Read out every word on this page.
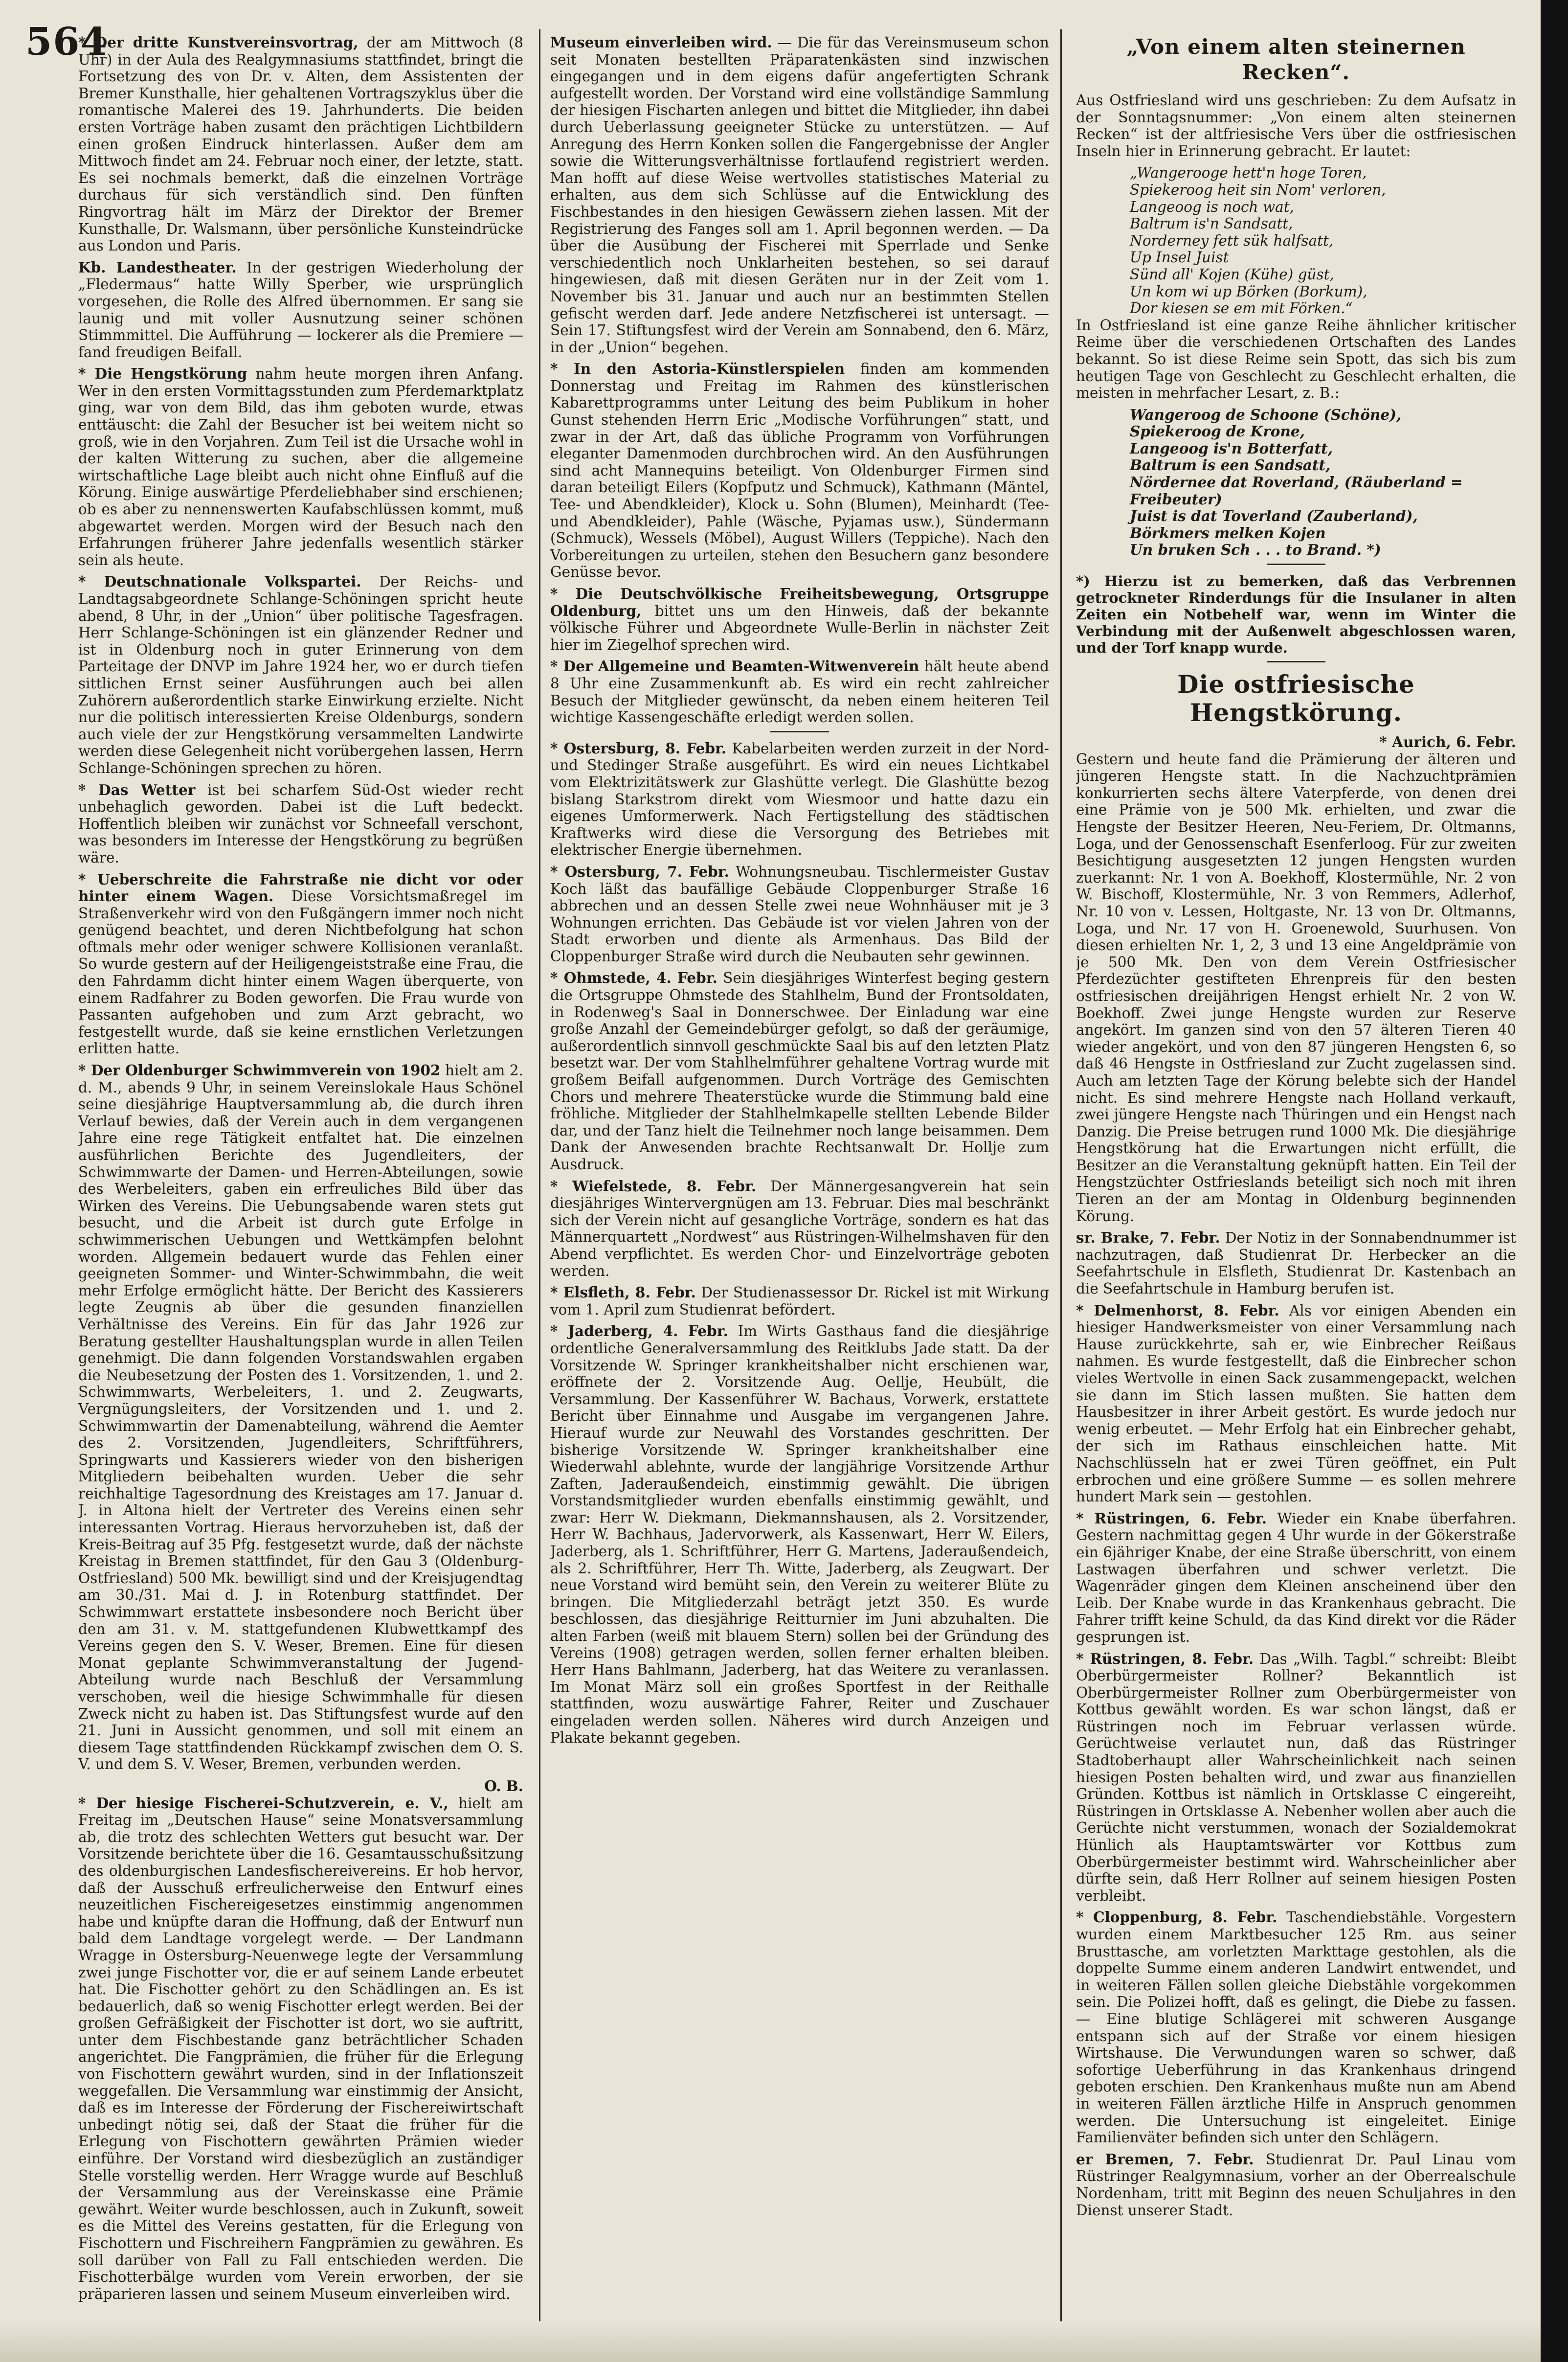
564

* Der dritte Kunstvereinsvortrag, der am Mittwoch (8 Uhr) in der Aula des Realgymnasiums stattfindet, bringt die Fortsetzung des von Dr. v. Alten, dem Assistenten der Bremer Kunsthalle, hier gehaltenen Vortragszyklus über die romantische Malerei des 19. Jahrhunderts. Die beiden ersten Vorträge haben zusamt den prächtigen Lichtbildern einen großen Eindruck hinterlassen. Außer dem am Mittwoch findet am 24. Februar noch einer, der letzte, statt. Es sei nochmals bemerkt, daß die einzelnen Vorträge durchaus für sich verständlich sind. Den fünften Ringvortrag hält im März der Direktor der Bremer Kunsthalle, Dr. Walsmann, über persönliche Kunsteindrücke aus London und Paris.

Kb. Landestheater. In der gestrigen Wiederholung der „Fledermaus“ hatte Willy Sperber, wie ursprünglich vorgesehen, die Rolle des Alfred übernommen. Er sang sie launig und mit voller Ausnutzung seiner schönen Stimmmittel. Die Aufführung — lockerer als die Premiere — fand freudigen Beifall.

* Die Hengstkörung nahm heute morgen ihren Anfang. Wer in den ersten Vormittagsstunden zum Pferdemarktplatz ging, war von dem Bild, das ihm geboten wurde, etwas enttäuscht: die Zahl der Besucher ist bei weitem nicht so groß, wie in den Vorjahren. Zum Teil ist die Ursache wohl in der kalten Witterung zu suchen, aber die allgemeine wirtschaftliche Lage bleibt auch nicht ohne Einfluß auf die Körung. Einige auswärtige Pferdeliebhaber sind erschienen; ob es aber zu nennenswerten Kaufabschlüssen kommt, muß abgewartet werden. Morgen wird der Besuch nach den Erfahrungen früherer Jahre jedenfalls wesentlich stärker sein als heute.

* Deutschnationale Volkspartei. Der Reichs- und Landtagsabgeordnete Schlange-Schöningen spricht heute abend, 8 Uhr, in der „Union“ über politische Tagesfragen. Herr Schlange-Schöningen ist ein glänzender Redner und ist in Oldenburg noch in guter Erinnerung von dem Parteitage der DNVP im Jahre 1924 her, wo er durch tiefen sittlichen Ernst seiner Ausführungen auch bei allen Zuhörern außerordentlich starke Einwirkung erzielte. Nicht nur die politisch interessierten Kreise Oldenburgs, sondern auch viele der zur Hengstkörung versammelten Landwirte werden diese Gelegenheit nicht vorübergehen lassen, Herrn Schlange-Schöningen sprechen zu hören.

* Das Wetter ist bei scharfem Süd-Ost wieder recht unbehaglich geworden. Dabei ist die Luft bedeckt. Hoffentlich bleiben wir zunächst vor Schneefall verschont, was besonders im Interesse der Hengstkörung zu begrüßen wäre.

* Ueberschreite die Fahrstraße nie dicht vor oder hinter einem Wagen. Diese Vorsichtsmaßregel im Straßenverkehr wird von den Fußgängern immer noch nicht genügend beachtet, und deren Nichtbefolgung hat schon oftmals mehr oder weniger schwere Kollisionen veranlaßt. So wurde gestern auf der Heiligengeiststraße eine Frau, die den Fahrdamm dicht hinter einem Wagen überquerte, von einem Radfahrer zu Boden geworfen. Die Frau wurde von Passanten aufgehoben und zum Arzt gebracht, wo festgestellt wurde, daß sie keine ernstlichen Verletzungen erlitten hatte.

* Der Oldenburger Schwimmverein von 1902 hielt am 2. d. M., abends 9 Uhr, in seinem Vereinslokale Haus Schönel seine diesjährige Hauptversammlung ab, die durch ihren Verlauf bewies, daß der Verein auch in dem vergangenen Jahre eine rege Tätigkeit entfaltet hat. Die einzelnen ausführlichen Berichte des Jugendleiters, der Schwimmwarte der Damen- und Herren-Abteilungen, sowie des Werbeleiters, gaben ein erfreuliches Bild über das Wirken des Vereins. Die Uebungsabende waren stets gut besucht, und die Arbeit ist durch gute Erfolge in schwimmerischen Uebungen und Wettkämpfen belohnt worden. Allgemein bedauert wurde das Fehlen einer geeigneten Sommer- und Winter-Schwimmbahn, die weit mehr Erfolge ermöglicht hätte. Der Bericht des Kassierers legte Zeugnis ab über die gesunden finanziellen Verhältnisse des Vereins. Ein für das Jahr 1926 zur Beratung gestellter Haushaltungsplan wurde in allen Teilen genehmigt. Die dann folgenden Vorstandswahlen ergaben die Neubesetzung der Posten des 1. Vorsitzenden, 1. und 2. Schwimmwarts, Werbeleiters, 1. und 2. Zeugwarts, Vergnügungsleiters, der Vorsitzenden und 1. und 2. Schwimmwartin der Damenabteilung, während die Aemter des 2. Vorsitzenden, Jugendleiters, Schriftführers, Springwarts und Kassierers wieder von den bisherigen Mitgliedern beibehalten wurden. Ueber die sehr reichhaltige Tagesordnung des Kreistages am 17. Januar d. J. in Altona hielt der Vertreter des Vereins einen sehr interessanten Vortrag. Hieraus hervorzuheben ist, daß der Kreis-Beitrag auf 35 Pfg. festgesetzt wurde, daß der nächste Kreistag in Bremen stattfindet, für den Gau 3 (Oldenburg-Ostfriesland) 500 Mk. bewilligt sind und der Kreisjugendtag am 30./31. Mai d. J. in Rotenburg stattfindet. Der Schwimmwart erstattete insbesondere noch Bericht über den am 31. v. M. stattgefundenen Klubwettkampf des Vereins gegen den S. V. Weser, Bremen. Eine für diesen Monat geplante Schwimmveranstaltung der Jugend-Abteilung wurde nach Beschluß der Versammlung verschoben, weil die hiesige Schwimmhalle für diesen Zweck nicht zu haben ist. Das Stiftungsfest wurde auf den 21. Juni in Aussicht genommen, und soll mit einem an diesem Tage stattfindenden Rückkampf zwischen dem O. S. V. und dem S. V. Weser, Bremen, verbunden werden.

O. B.

* Der hiesige Fischerei-Schutzverein, e. V., hielt am Freitag im „Deutschen Hause“ seine Monatsversammlung ab, die trotz des schlechten Wetters gut besucht war. Der Vorsitzende berichtete über die 16. Gesamtausschußsitzung des oldenburgischen Landesfischereivereins. Er hob hervor, daß der Ausschuß erfreulicherweise den Entwurf eines neuzeitlichen Fischereigesetzes einstimmig angenommen habe und knüpfte daran die Hoffnung, daß der Entwurf nun bald dem Landtage vorgelegt werde. — Der Landmann Wragge in Ostersburg-Neuenwege legte der Versammlung zwei junge Fischotter vor, die er auf seinem Lande erbeutet hat. Die Fischotter gehört zu den Schädlingen an. Es ist bedauerlich, daß so wenig Fischotter erlegt werden. Bei der großen Gefräßigkeit der Fischotter ist dort, wo sie auftritt, unter dem Fischbestande ganz beträchtlicher Schaden angerichtet. Die Fangprämien, die früher für die Erlegung von Fischottern gewährt wurden, sind in der Inflationszeit weggefallen. Die Versammlung war einstimmig der Ansicht, daß es im Interesse der Förderung der Fischereiwirtschaft unbedingt nötig sei, daß der Staat die früher für die Erlegung von Fischottern gewährten Prämien wieder einführe. Der Vorstand wird diesbezüglich an zuständiger Stelle vorstellig werden. Herr Wragge wurde auf Beschluß der Versammlung aus der Vereinskasse eine Prämie gewährt. Weiter wurde beschlossen, auch in Zukunft, soweit es die Mittel des Vereins gestatten, für die Erlegung von Fischottern und Fischreihern Fangprämien zu gewähren. Es soll darüber von Fall zu Fall entschieden werden. Die Fischotterbälge wurden vom Verein erworben, der sie präparieren lassen und seinem Museum einverleiben wird.

Museum einverleiben wird. — Die für das Vereinsmuseum schon seit Monaten bestellten Präparatenkästen sind inzwischen eingegangen und in dem eigens dafür angefertigten Schrank aufgestellt worden. Der Vorstand wird eine vollständige Sammlung der hiesigen Fischarten anlegen und bittet die Mitglieder, ihn dabei durch Ueberlassung geeigneter Stücke zu unterstützen. — Auf Anregung des Herrn Konken sollen die Fangergebnisse der Angler sowie die Witterungsverhältnisse fortlaufend registriert werden. Man hofft auf diese Weise wertvolles statistisches Material zu erhalten, aus dem sich Schlüsse auf die Entwicklung des Fischbestandes in den hiesigen Gewässern ziehen lassen. Mit der Registrierung des Fanges soll am 1. April begonnen werden. — Da über die Ausübung der Fischerei mit Sperrlade und Senke verschiedentlich noch Unklarheiten bestehen, so sei darauf hingewiesen, daß mit diesen Geräten nur in der Zeit vom 1. November bis 31. Januar und auch nur an bestimmten Stellen gefischt werden darf. Jede andere Netzfischerei ist untersagt. — Sein 17. Stiftungsfest wird der Verein am Sonnabend, den 6. März, in der „Union“ begehen.

* In den Astoria-Künstlerspielen finden am kommenden Donnerstag und Freitag im Rahmen des künstlerischen Kabarettprogramms unter Leitung des beim Publikum in hoher Gunst stehenden Herrn Eric „Modische Vorführungen“ statt, und zwar in der Art, daß das übliche Programm von Vorführungen eleganter Damenmoden durchbrochen wird. An den Ausführungen sind acht Mannequins beteiligt. Von Oldenburger Firmen sind daran beteiligt Eilers (Kopfputz und Schmuck), Kathmann (Mäntel, Tee- und Abendkleider), Klock u. Sohn (Blumen), Meinhardt (Tee- und Abendkleider), Pahle (Wäsche, Pyjamas usw.), Sündermann (Schmuck), Wessels (Möbel), August Willers (Teppiche). Nach den Vorbereitungen zu urteilen, stehen den Besuchern ganz besondere Genüsse bevor.

* Die Deutschvölkische Freiheitsbewegung, Ortsgruppe Oldenburg, bittet uns um den Hinweis, daß der bekannte völkische Führer und Abgeordnete Wulle-Berlin in nächster Zeit hier im Ziegelhof sprechen wird.

* Der Allgemeine und Beamten-Witwenverein hält heute abend 8 Uhr eine Zusammenkunft ab. Es wird ein recht zahlreicher Besuch der Mitglieder gewünscht, da neben einem heiteren Teil wichtige Kassengeschäfte erledigt werden sollen.

* Ostersburg, 8. Febr. Kabelarbeiten werden zurzeit in der Nord- und Stedinger Straße ausgeführt. Es wird ein neues Lichtkabel vom Elektrizitätswerk zur Glashütte verlegt. Die Glashütte bezog bislang Starkstrom direkt vom Wiesmoor und hatte dazu ein eigenes Umformerwerk. Nach Fertigstellung des städtischen Kraftwerks wird diese die Versorgung des Betriebes mit elektrischer Energie übernehmen.

* Ostersburg, 7. Febr. Wohnungsneubau. Tischlermeister Gustav Koch läßt das baufällige Gebäude Cloppenburger Straße 16 abbrechen und an dessen Stelle zwei neue Wohnhäuser mit je 3 Wohnungen errichten. Das Gebäude ist vor vielen Jahren von der Stadt erworben und diente als Armenhaus. Das Bild der Cloppenburger Straße wird durch die Neubauten sehr gewinnen.

* Ohmstede, 4. Febr. Sein diesjähriges Winterfest beging gestern die Ortsgruppe Ohmstede des Stahlhelm, Bund der Frontsoldaten, in Rodenweg's Saal in Donnerschwee. Der Einladung war eine große Anzahl der Gemeindebürger gefolgt, so daß der geräumige, außerordentlich sinnvoll geschmückte Saal bis auf den letzten Platz besetzt war. Der vom Stahlhelmführer gehaltene Vortrag wurde mit großem Beifall aufgenommen. Durch Vorträge des Gemischten Chors und mehrere Theaterstücke wurde die Stimmung bald eine fröhliche. Mitglieder der Stahlhelmkapelle stellten Lebende Bilder dar, und der Tanz hielt die Teilnehmer noch lange beisammen. Dem Dank der Anwesenden brachte Rechtsanwalt Dr. Hollje zum Ausdruck.

* Wiefelstede, 8. Febr. Der Männergesangverein hat sein diesjähriges Wintervergnügen am 13. Februar. Dies mal beschränkt sich der Verein nicht auf gesangliche Vorträge, sondern es hat das Männerquartett „Nordwest“ aus Rüstringen-Wilhelmshaven für den Abend verpflichtet. Es werden Chor- und Einzelvorträge geboten werden.

* Elsfleth, 8. Febr. Der Studienassessor Dr. Rickel ist mit Wirkung vom 1. April zum Studienrat befördert.

* Jaderberg, 4. Febr. Im Wirts Gasthaus fand die diesjährige ordentliche Generalversammlung des Reitklubs Jade statt. Da der Vorsitzende W. Springer krankheitshalber nicht erschienen war, eröffnete der 2. Vorsitzende Aug. Oellje, Heubült, die Versammlung. Der Kassenführer W. Bachaus, Vorwerk, erstattete Bericht über Einnahme und Ausgabe im vergangenen Jahre. Hierauf wurde zur Neuwahl des Vorstandes geschritten. Der bisherige Vorsitzende W. Springer krankheitshalber eine Wiederwahl ablehnte, wurde der langjährige Vorsitzende Arthur Zaften, Jaderaußendeich, einstimmig gewählt. Die übrigen Vorstandsmitglieder wurden ebenfalls einstimmig gewählt, und zwar: Herr W. Diekmann, Diekmannshausen, als 2. Vorsitzender, Herr W. Bachhaus, Jadervorwerk, als Kassenwart, Herr W. Eilers, Jaderberg, als 1. Schriftführer, Herr G. Martens, Jaderaußendeich, als 2. Schriftführer, Herr Th. Witte, Jaderberg, als Zeugwart. Der neue Vorstand wird bemüht sein, den Verein zu weiterer Blüte zu bringen. Die Mitgliederzahl beträgt jetzt 350. Es wurde beschlossen, das diesjährige Reitturnier im Juni abzuhalten. Die alten Farben (weiß mit blauem Stern) sollen bei der Gründung des Vereins (1908) getragen werden, sollen ferner erhalten bleiben. Herr Hans Bahlmann, Jaderberg, hat das Weitere zu veranlassen. Im Monat März soll ein großes Sportfest in der Reithalle stattfinden, wozu auswärtige Fahrer, Reiter und Zuschauer eingeladen werden sollen. Näheres wird durch Anzeigen und Plakate bekannt gegeben.

„Von einem alten steinernen Recken“.

Aus Ostfriesland wird uns geschrieben: Zu dem Aufsatz in der Sonntagsnummer: „Von einem alten steinernen Recken“ ist der altfriesische Vers über die ostfriesischen Inseln hier in Erinnerung gebracht. Er lautet:

„Wangerooge hett'n hoge Toren,
Spiekeroog heit sin Nom' verloren,
Langeoog is noch wat,
Baltrum is'n Sandsatt,
Norderney fett sük halfsatt,
Up Insel Juist
Sünd all' Kojen (Kühe) güst,
Un kom wi up Börken (Borkum),
Dor kiesen se em mit Förken.“

In Ostfriesland ist eine ganze Reihe ähnlicher kritischer Reime über die verschiedenen Ortschaften des Landes bekannt. So ist diese Reime sein Spott, das sich bis zum heutigen Tage von Geschlecht zu Geschlecht erhalten, die meisten in mehrfacher Lesart, z. B.:

Wangeroog de Schoone (Schöne),
Spiekeroog de Krone,
Langeoog is'n Botterfatt,
Baltrum is een Sandsatt,
Nördernee dat Roverland, (Räuberland = Freibeuter)
Juist is dat Toverland (Zauberland),
Börkmers melken Kojen
Un bruken Sch . . . to Brand. *)

*) Hierzu ist zu bemerken, daß das Verbrennen getrockneter Rinderdungs für die Insulaner in alten Zeiten ein Notbehelf war, wenn im Winter die Verbindung mit der Außenwelt abgeschlossen waren, und der Torf knapp wurde.

Die ostfriesische Hengstkörung.
* Aurich, 6. Febr.

Gestern und heute fand die Prämierung der älteren und jüngeren Hengste statt. In die Nachzuchtprämien konkurrierten sechs ältere Vaterpferde, von denen drei eine Prämie von je 500 Mk. erhielten, und zwar die Hengste der Besitzer Heeren, Neu-Feriem, Dr. Oltmanns, Loga, und der Genossenschaft Esenferloog. Für zur zweiten Besichtigung ausgesetzten 12 jungen Hengsten wurden zuerkannt: Nr. 1 von A. Boekhoff, Klostermühle, Nr. 2 von W. Bischoff, Klostermühle, Nr. 3 von Remmers, Adlerhof, Nr. 10 von v. Lessen, Holtgaste, Nr. 13 von Dr. Oltmanns, Loga, und Nr. 17 von H. Groenewold, Suurhusen. Von diesen erhielten Nr. 1, 2, 3 und 13 eine Angeldprämie von je 500 Mk. Den von dem Verein Ostfriesischer Pferdezüchter gestifteten Ehrenpreis für den besten ostfriesischen dreijährigen Hengst erhielt Nr. 2 von W. Boekhoff. Zwei junge Hengste wurden zur Reserve angekört. Im ganzen sind von den 57 älteren Tieren 40 wieder angekört, und von den 87 jüngeren Hengsten 6, so daß 46 Hengste in Ostfriesland zur Zucht zugelassen sind. Auch am letzten Tage der Körung belebte sich der Handel nicht. Es sind mehrere Hengste nach Holland verkauft, zwei jüngere Hengste nach Thüringen und ein Hengst nach Danzig. Die Preise betrugen rund 1000 Mk. Die diesjährige Hengstkörung hat die Erwartungen nicht erfüllt, die Besitzer an die Veranstaltung geknüpft hatten. Ein Teil der Hengstzüchter Ostfrieslands beteiligt sich noch mit ihren Tieren an der am Montag in Oldenburg beginnenden Körung.

sr. Brake, 7. Febr. Der Notiz in der Sonnabendnummer ist nachzutragen, daß Studienrat Dr. Herbecker an die Seefahrtschule in Elsfleth, Studienrat Dr. Kastenbach an die Seefahrtschule in Hamburg berufen ist.

* Delmenhorst, 8. Febr. Als vor einigen Abenden ein hiesiger Handwerksmeister von einer Versammlung nach Hause zurückkehrte, sah er, wie Einbrecher Reißaus nahmen. Es wurde festgestellt, daß die Einbrecher schon vieles Wertvolle in einen Sack zusammengepackt, welchen sie dann im Stich lassen mußten. Sie hatten dem Hausbesitzer in ihrer Arbeit gestört. Es wurde jedoch nur wenig erbeutet. — Mehr Erfolg hat ein Einbrecher gehabt, der sich im Rathaus einschleichen hatte. Mit Nachschlüsseln hat er zwei Türen geöffnet, ein Pult erbrochen und eine größere Summe — es sollen mehrere hundert Mark sein — gestohlen.

* Rüstringen, 6. Febr. Wieder ein Knabe überfahren. Gestern nachmittag gegen 4 Uhr wurde in der Gökerstraße ein 6jähriger Knabe, der eine Straße überschritt, von einem Lastwagen überfahren und schwer verletzt. Die Wagenräder gingen dem Kleinen anscheinend über den Leib. Der Knabe wurde in das Krankenhaus gebracht. Die Fahrer trifft keine Schuld, da das Kind direkt vor die Räder gesprungen ist.

* Rüstringen, 8. Febr. Das „Wilh. Tagbl.“ schreibt: Bleibt Oberbürgermeister Rollner? Bekanntlich ist Oberbürgermeister Rollner zum Oberbürgermeister von Kottbus gewählt worden. Es war schon längst, daß er Rüstringen noch im Februar verlassen würde. Gerüchtweise verlautet nun, daß das Rüstringer Stadtoberhaupt aller Wahrscheinlichkeit nach seinen hiesigen Posten behalten wird, und zwar aus finanziellen Gründen. Kottbus ist nämlich in Ortsklasse C eingereiht, Rüstringen in Ortsklasse A. Nebenher wollen aber auch die Gerüchte nicht verstummen, wonach der Sozialdemokrat Hünlich als Hauptamtswärter vor Kottbus zum Oberbürgermeister bestimmt wird. Wahrscheinlicher aber dürfte sein, daß Herr Rollner auf seinem hiesigen Posten verbleibt.

* Cloppenburg, 8. Febr. Taschendiebstähle. Vorgestern wurden einem Marktbesucher 125 Rm. aus seiner Brusttasche, am vorletzten Markttage gestohlen, als die doppelte Summe einem anderen Landwirt entwendet, und in weiteren Fällen sollen gleiche Diebstähle vorgekommen sein. Die Polizei hofft, daß es gelingt, die Diebe zu fassen. — Eine blutige Schlägerei mit schweren Ausgange entspann sich auf der Straße vor einem hiesigen Wirtshause. Die Verwundungen waren so schwer, daß sofortige Ueberführung in das Krankenhaus dringend geboten erschien. Den Krankenhaus mußte nun am Abend in weiteren Fällen ärztliche Hilfe in Anspruch genommen werden. Die Untersuchung ist eingeleitet. Einige Familienväter befinden sich unter den Schlägern.

er Bremen, 7. Febr. Studienrat Dr. Paul Linau vom Rüstringer Realgymnasium, vorher an der Oberrealschule Nordenham, tritt mit Beginn des neuen Schuljahres in den Dienst unserer Stadt.
